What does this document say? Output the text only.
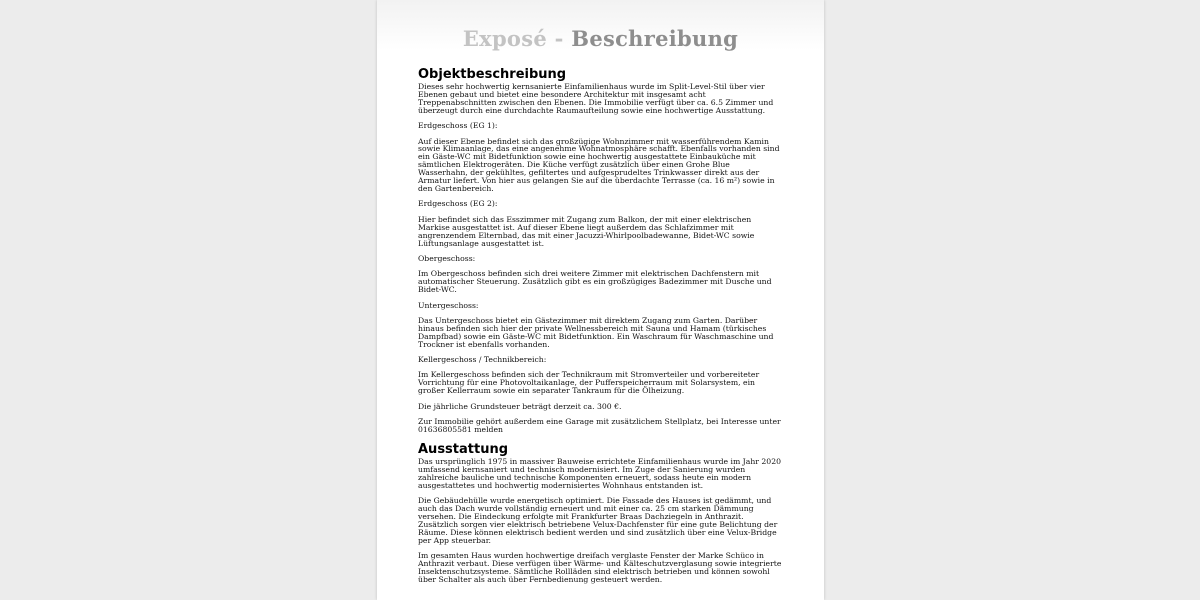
Exposé - Beschreibung
Objektbeschreibung

Dieses sehr hochwertig kernsanierte Einfamilienhaus wurde im Split-Level-Stil über vier Ebenen gebaut und bietet eine besondere Architektur mit insgesamt acht Treppenabschnitten zwischen den Ebenen. Die Immobilie verfügt über ca. 6.5 Zimmer und überzeugt durch eine durchdachte Raumaufteilung sowie eine hochwertige Ausstattung.

Erdgeschoss (EG 1):

Auf dieser Ebene befindet sich das großzügige Wohnzimmer mit wasserführendem Kamin sowie Klimaanlage, das eine angenehme Wohnatmosphäre schafft. Ebenfalls vorhanden sind ein Gäste-WC mit Bidetfunktion sowie eine hochwertig ausgestattete Einbauküche mit sämtlichen Elektrogeräten. Die Küche verfügt zusätzlich über einen Grohe Blue Wasserhahn, der gekühltes, gefiltertes und aufgesprudeltes Trinkwasser direkt aus der Armatur liefert. Von hier aus gelangen Sie auf die überdachte Terrasse (ca. 16 m²) sowie in den Gartenbereich.

Erdgeschoss (EG 2):

Hier befindet sich das Esszimmer mit Zugang zum Balkon, der mit einer elektrischen Markise ausgestattet ist. Auf dieser Ebene liegt außerdem das Schlafzimmer mit angrenzendem Elternbad, das mit einer Jacuzzi-Whirlpoolbadewanne, Bidet-WC sowie Lüftungsanlage ausgestattet ist.

Obergeschoss:

Im Obergeschoss befinden sich drei weitere Zimmer mit elektrischen Dachfenstern mit automatischer Steuerung. Zusätzlich gibt es ein großzügiges Badezimmer mit Dusche und Bidet-WC.

Untergeschoss:

Das Untergeschoss bietet ein Gästezimmer mit direktem Zugang zum Garten. Darüber hinaus befinden sich hier der private Wellnessbereich mit Sauna und Hamam (türkisches Dampfbad) sowie ein Gäste-WC mit Bidetfunktion. Ein Waschraum für Waschmaschine und Trockner ist ebenfalls vorhanden.

Kellergeschoss / Technikbereich:

Im Kellergeschoss befinden sich der Technikraum mit Stromverteiler und vorbereiteter Vorrichtung für eine Photovoltaikanlage, der Pufferspeicherraum mit Solarsystem, ein großer Kellerraum sowie ein separater Tankraum für die Ölheizung.

Die jährliche Grundsteuer beträgt derzeit ca. 300 €.

Zur Immobilie gehört außerdem eine Garage mit zusätzlichem Stellplatz, bei Interesse unter 01636805581 melden

Ausstattung

Das ursprünglich 1975 in massiver Bauweise errichtete Einfamilienhaus wurde im Jahr 2020 umfassend kernsaniert und technisch modernisiert. Im Zuge der Sanierung wurden zahlreiche bauliche und technische Komponenten erneuert, sodass heute ein modern ausgestattetes und hochwertig modernisiertes Wohnhaus entstanden ist.

Die Gebäudehülle wurde energetisch optimiert. Die Fassade des Hauses ist gedämmt, und auch das Dach wurde vollständig erneuert und mit einer ca. 25 cm starken Dämmung versehen. Die Eindeckung erfolgte mit Frankfurter Braas Dachziegeln in Anthrazit. Zusätzlich sorgen vier elektrisch betriebene Velux-Dachfenster für eine gute Belichtung der Räume. Diese können elektrisch bedient werden und sind zusätzlich über eine Velux-Bridge per App steuerbar.

Im gesamten Haus wurden hochwertige dreifach verglaste Fenster der Marke Schüco in Anthrazit verbaut. Diese verfügen über Wärme- und Kälteschutzverglasung sowie integrierte Insektenschutzsysteme. Sämtliche Rollläden sind elektrisch betrieben und können sowohl über Schalter als auch über Fernbedienung gesteuert werden.
